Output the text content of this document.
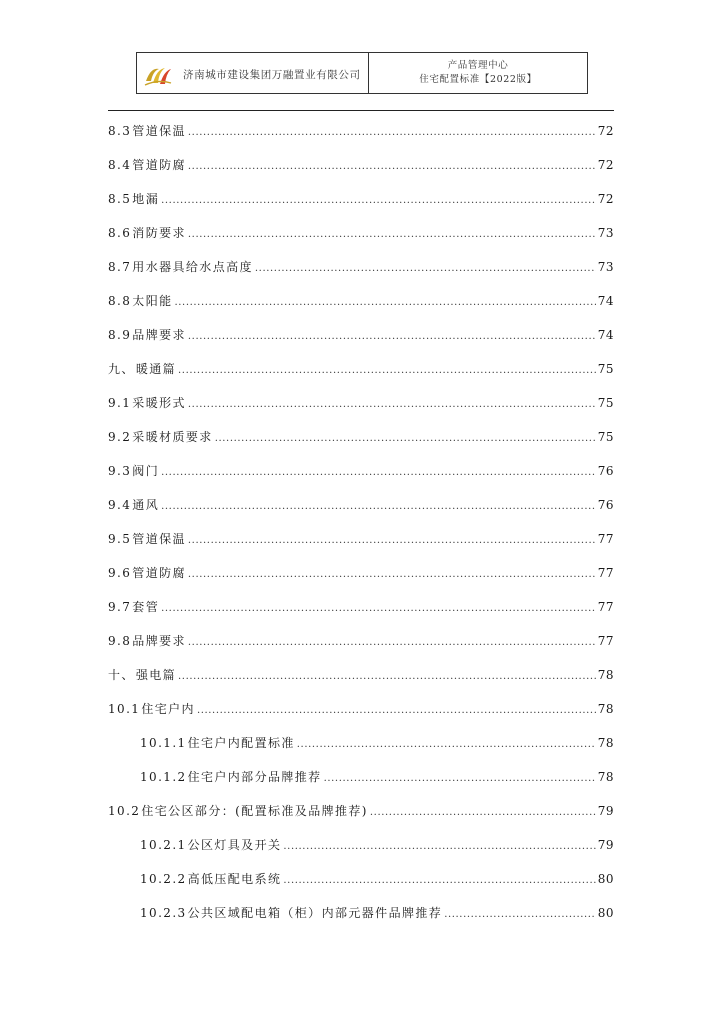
济南城市建设集团万融置业有限公司
产品管理中心
住宅配置标准【2022版】
8.3 管道保温 .....	72
8.4 管道防腐 .....	72
8.5 地漏 .....	72
8.6 消防要求 .....	73
8.7 用水器具给水点高度 .....	73
8.8 太阳能 .....	74
8.9 品牌要求 .....	74
九、 暖通篇 .....	75
9.1 采暖形式 .....	75
9.2 采暖材质要求 .....	75
9.3 阀门 .....	76
9.4 通风 .....	76
9.5 管道保温 .....	77
9.6 管道防腐 .....	77
9.7 套管 .....	77
9.8 品牌要求 .....	77
十、 强电篇 .....	78
10.1 住宅户内 .....	78
10.1.1 住宅户内配置标准 .....	78
10.1.2 住宅户内部分品牌推荐 .....	78
10.2 住宅公区部分：(配置标准及品牌推荐) .....	79
10.2.1 公区灯具及开关 .....	79
10.2.2 高低压配电系统 .....	80
10.2.3 公共区域配电箱（柜）内部元器件品牌推荐 .....	80
